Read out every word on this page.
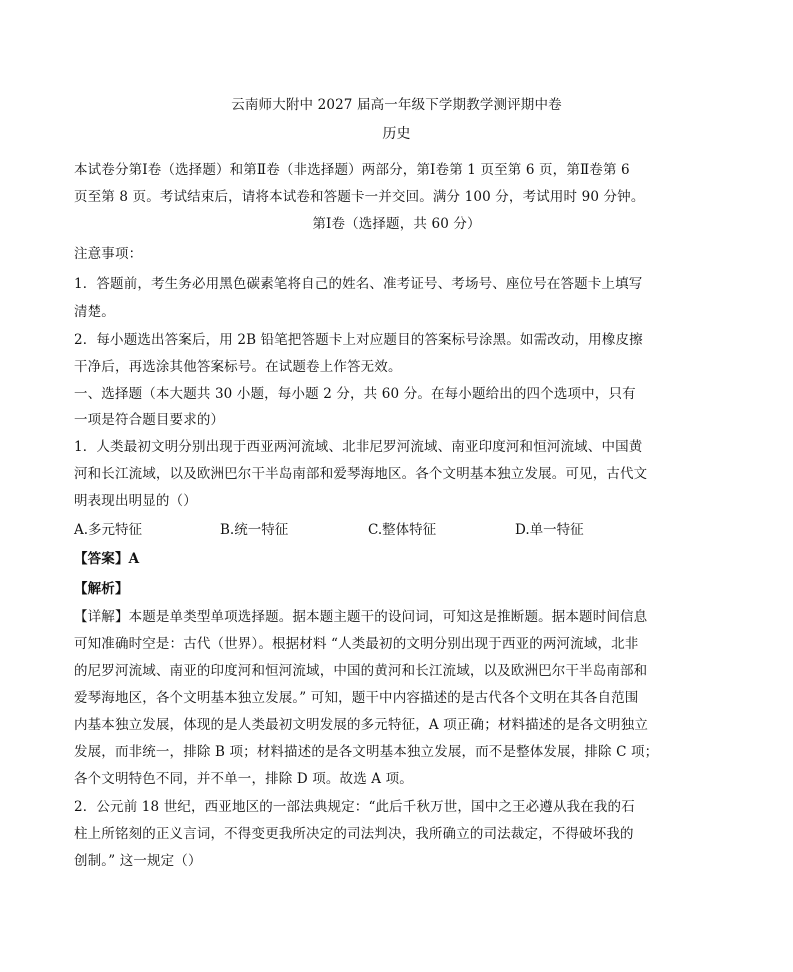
云南师大附中 2027 届高一年级下学期教学测评期中卷
历史
本试卷分第Ⅰ卷（选择题）和第Ⅱ卷（非选择题）两部分，第Ⅰ卷第 1 页至第 6 页，第Ⅱ卷第 6
页至第 8 页。考试结束后，请将本试卷和答题卡一并交回。满分 100 分，考试用时 90 分钟。
第Ⅰ卷（选择题，共 60 分）
注意事项：
1．答题前，考生务必用黑色碳素笔将自己的姓名、准考证号、考场号、座位号在答题卡上填写
清楚。
2．每小题选出答案后，用 2B 铅笔把答题卡上对应题目的答案标号涂黑。如需改动，用橡皮擦
干净后，再选涂其他答案标号。在试题卷上作答无效。
一、选择题（本大题共 30 小题，每小题 2 分，共 60 分。在每小题给出的四个选项中，只有
一项是符合题目要求的）
1．人类最初文明分别出现于西亚两河流域、北非尼罗河流域、南亚印度河和恒河流域、中国黄
河和长江流域，以及欧洲巴尔干半岛南部和爱琴海地区。各个文明基本独立发展。可见，古代文
明表现出明显的（）
A.多元特征	B.统一特征	C.整体特征	D.单一特征
【答案】A
【解析】
【详解】本题是单类型单项选择题。据本题主题干的设问词，可知这是推断题。据本题时间信息
可知准确时空是：古代（世界）。根据材料 “人类最初的文明分别出现于西亚的两河流域，北非
的尼罗河流域、南亚的印度河和恒河流域，中国的黄河和长江流域，以及欧洲巴尔干半岛南部和
爱琴海地区，各个文明基本独立发展。” 可知，题干中内容描述的是古代各个文明在其各自范围
内基本独立发展，体现的是人类最初文明发展的多元特征，A 项正确；材料描述的是各文明独立
发展，而非统一，排除 B 项；材料描述的是各文明基本独立发展，而不是整体发展，排除 C 项；
各个文明特色不同，并不单一，排除 D 项。故选 A 项。
2．公元前 18 世纪，西亚地区的一部法典规定：“此后千秋万世，国中之王必遵从我在我的石
柱上所铭刻的正义言词，不得变更我所决定的司法判决，我所确立的司法裁定，不得破坏我的
创制。” 这一规定（）
